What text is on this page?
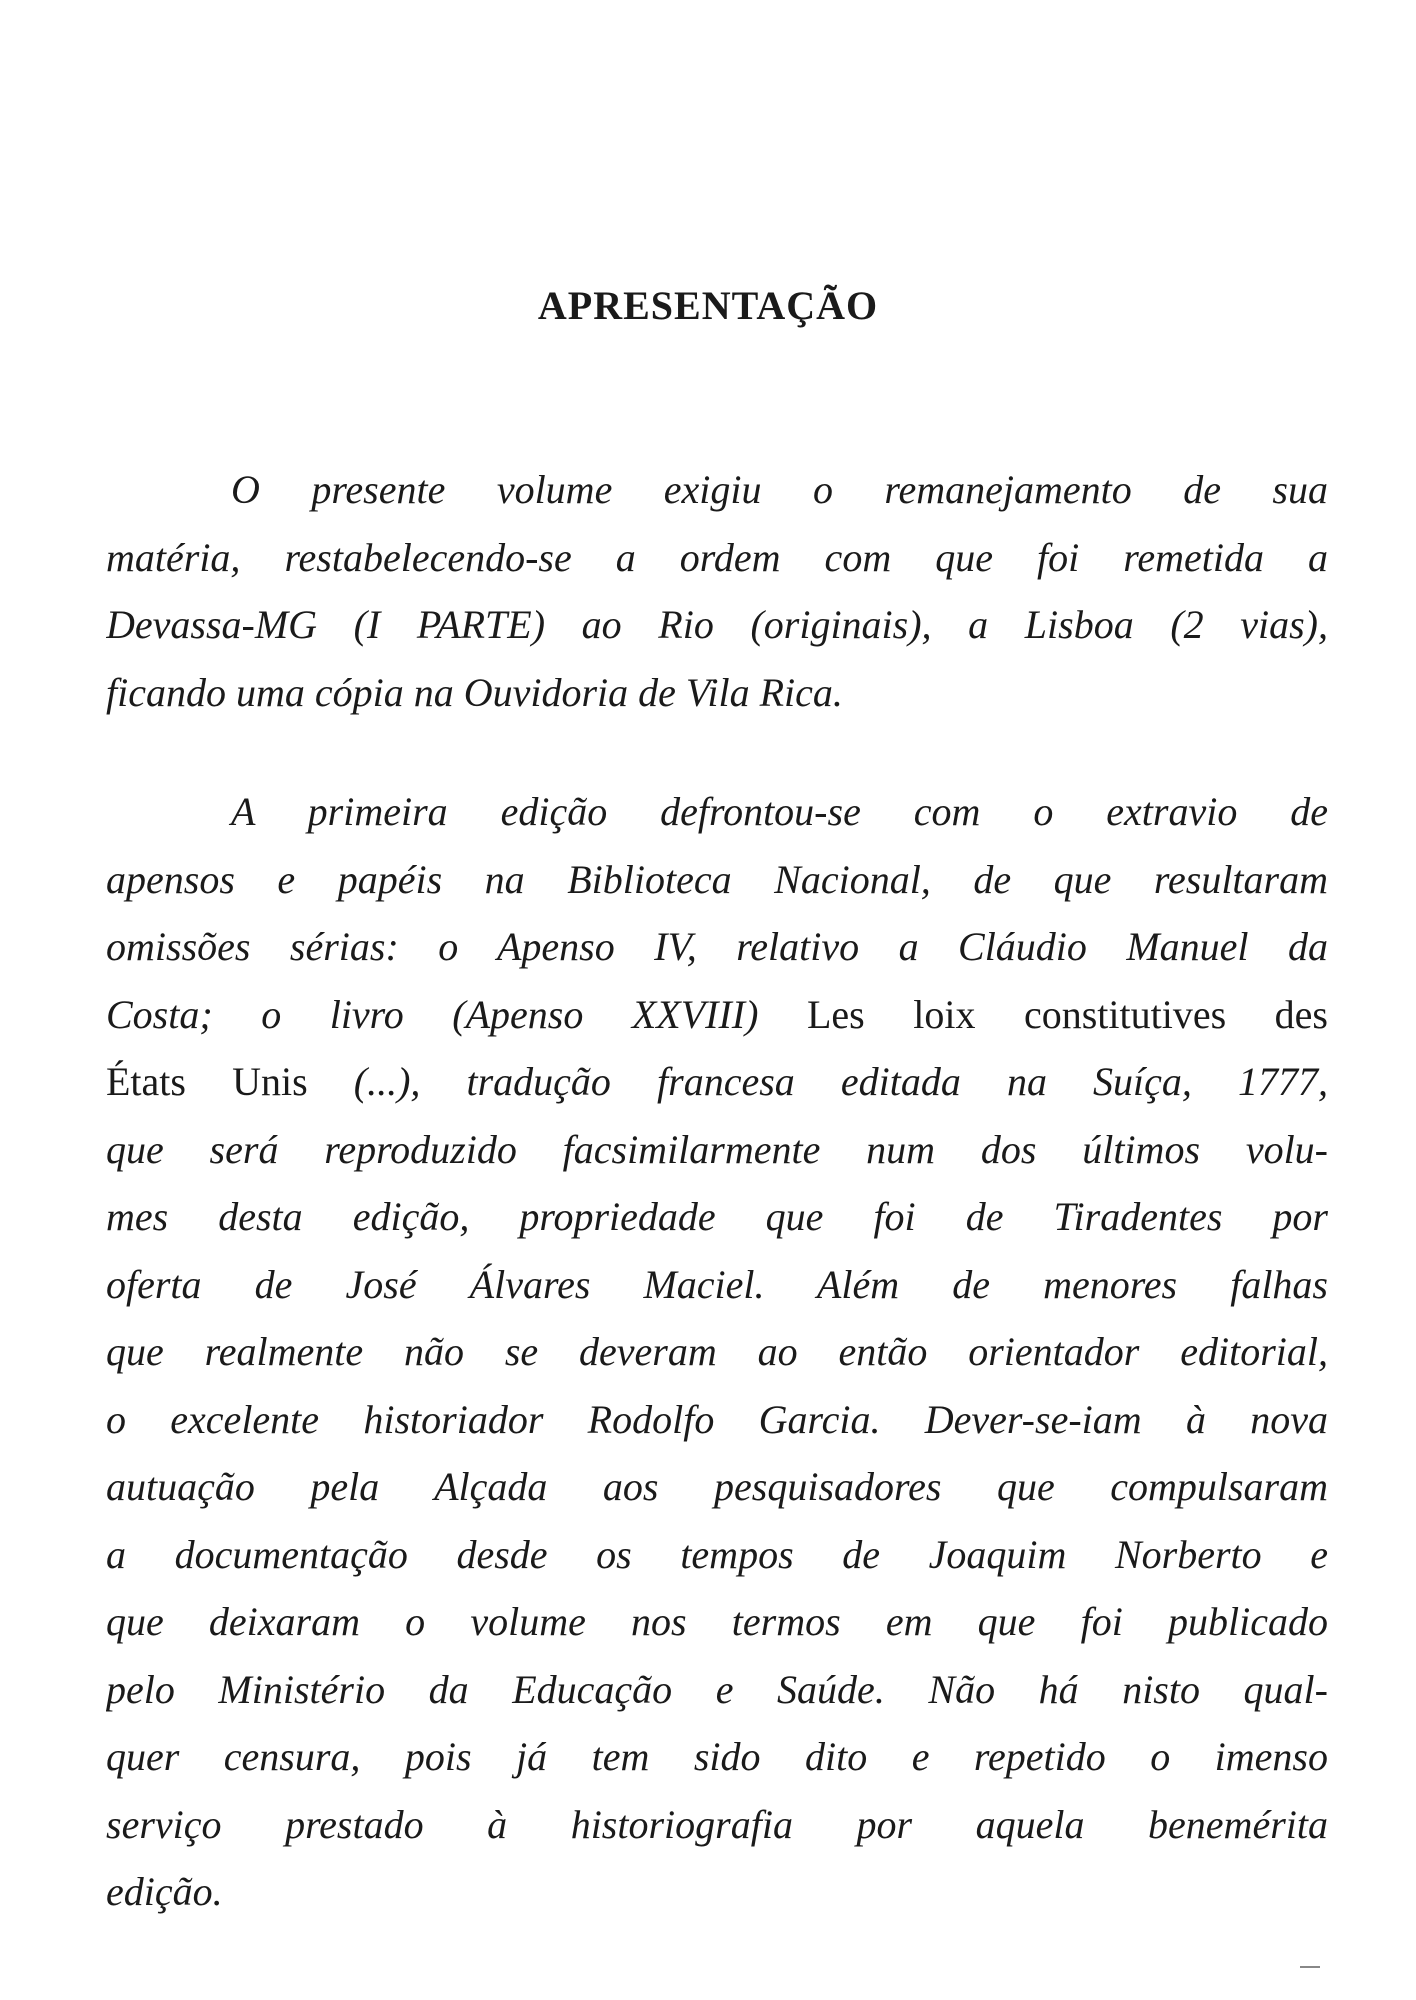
APRESENTAÇÃO
O presente volume exigiu o remanejamento de sua
matéria, restabelecendo-se a ordem com que foi remetida a
Devassa-MG (I PARTE) ao Rio (originais), a Lisboa (2 vias),
ficando uma cópia na Ouvidoria de Vila Rica.
A primeira edição defrontou-se com o extravio de
apensos e papéis na Biblioteca Nacional, de que resultaram
omissões sérias: o Apenso IV, relativo a Cláudio Manuel da
Costa; o livro (Apenso XXVIII) Les loix constitutives des
États Unis (...), tradução francesa editada na Suíça, 1777,
que será reproduzido facsimilarmente num dos últimos volu-
mes desta edição, propriedade que foi de Tiradentes por
oferta de José Álvares Maciel. Além de menores falhas
que realmente não se deveram ao então orientador editorial,
o excelente historiador Rodolfo Garcia. Dever-se-iam à nova
autuação pela Alçada aos pesquisadores que compulsaram
a documentação desde os tempos de Joaquim Norberto e
que deixaram o volume nos termos em que foi publicado
pelo Ministério da Educação e Saúde. Não há nisto qual-
quer censura, pois já tem sido dito e repetido o imenso
serviço prestado à historiografia por aquela benemérita
edição.
